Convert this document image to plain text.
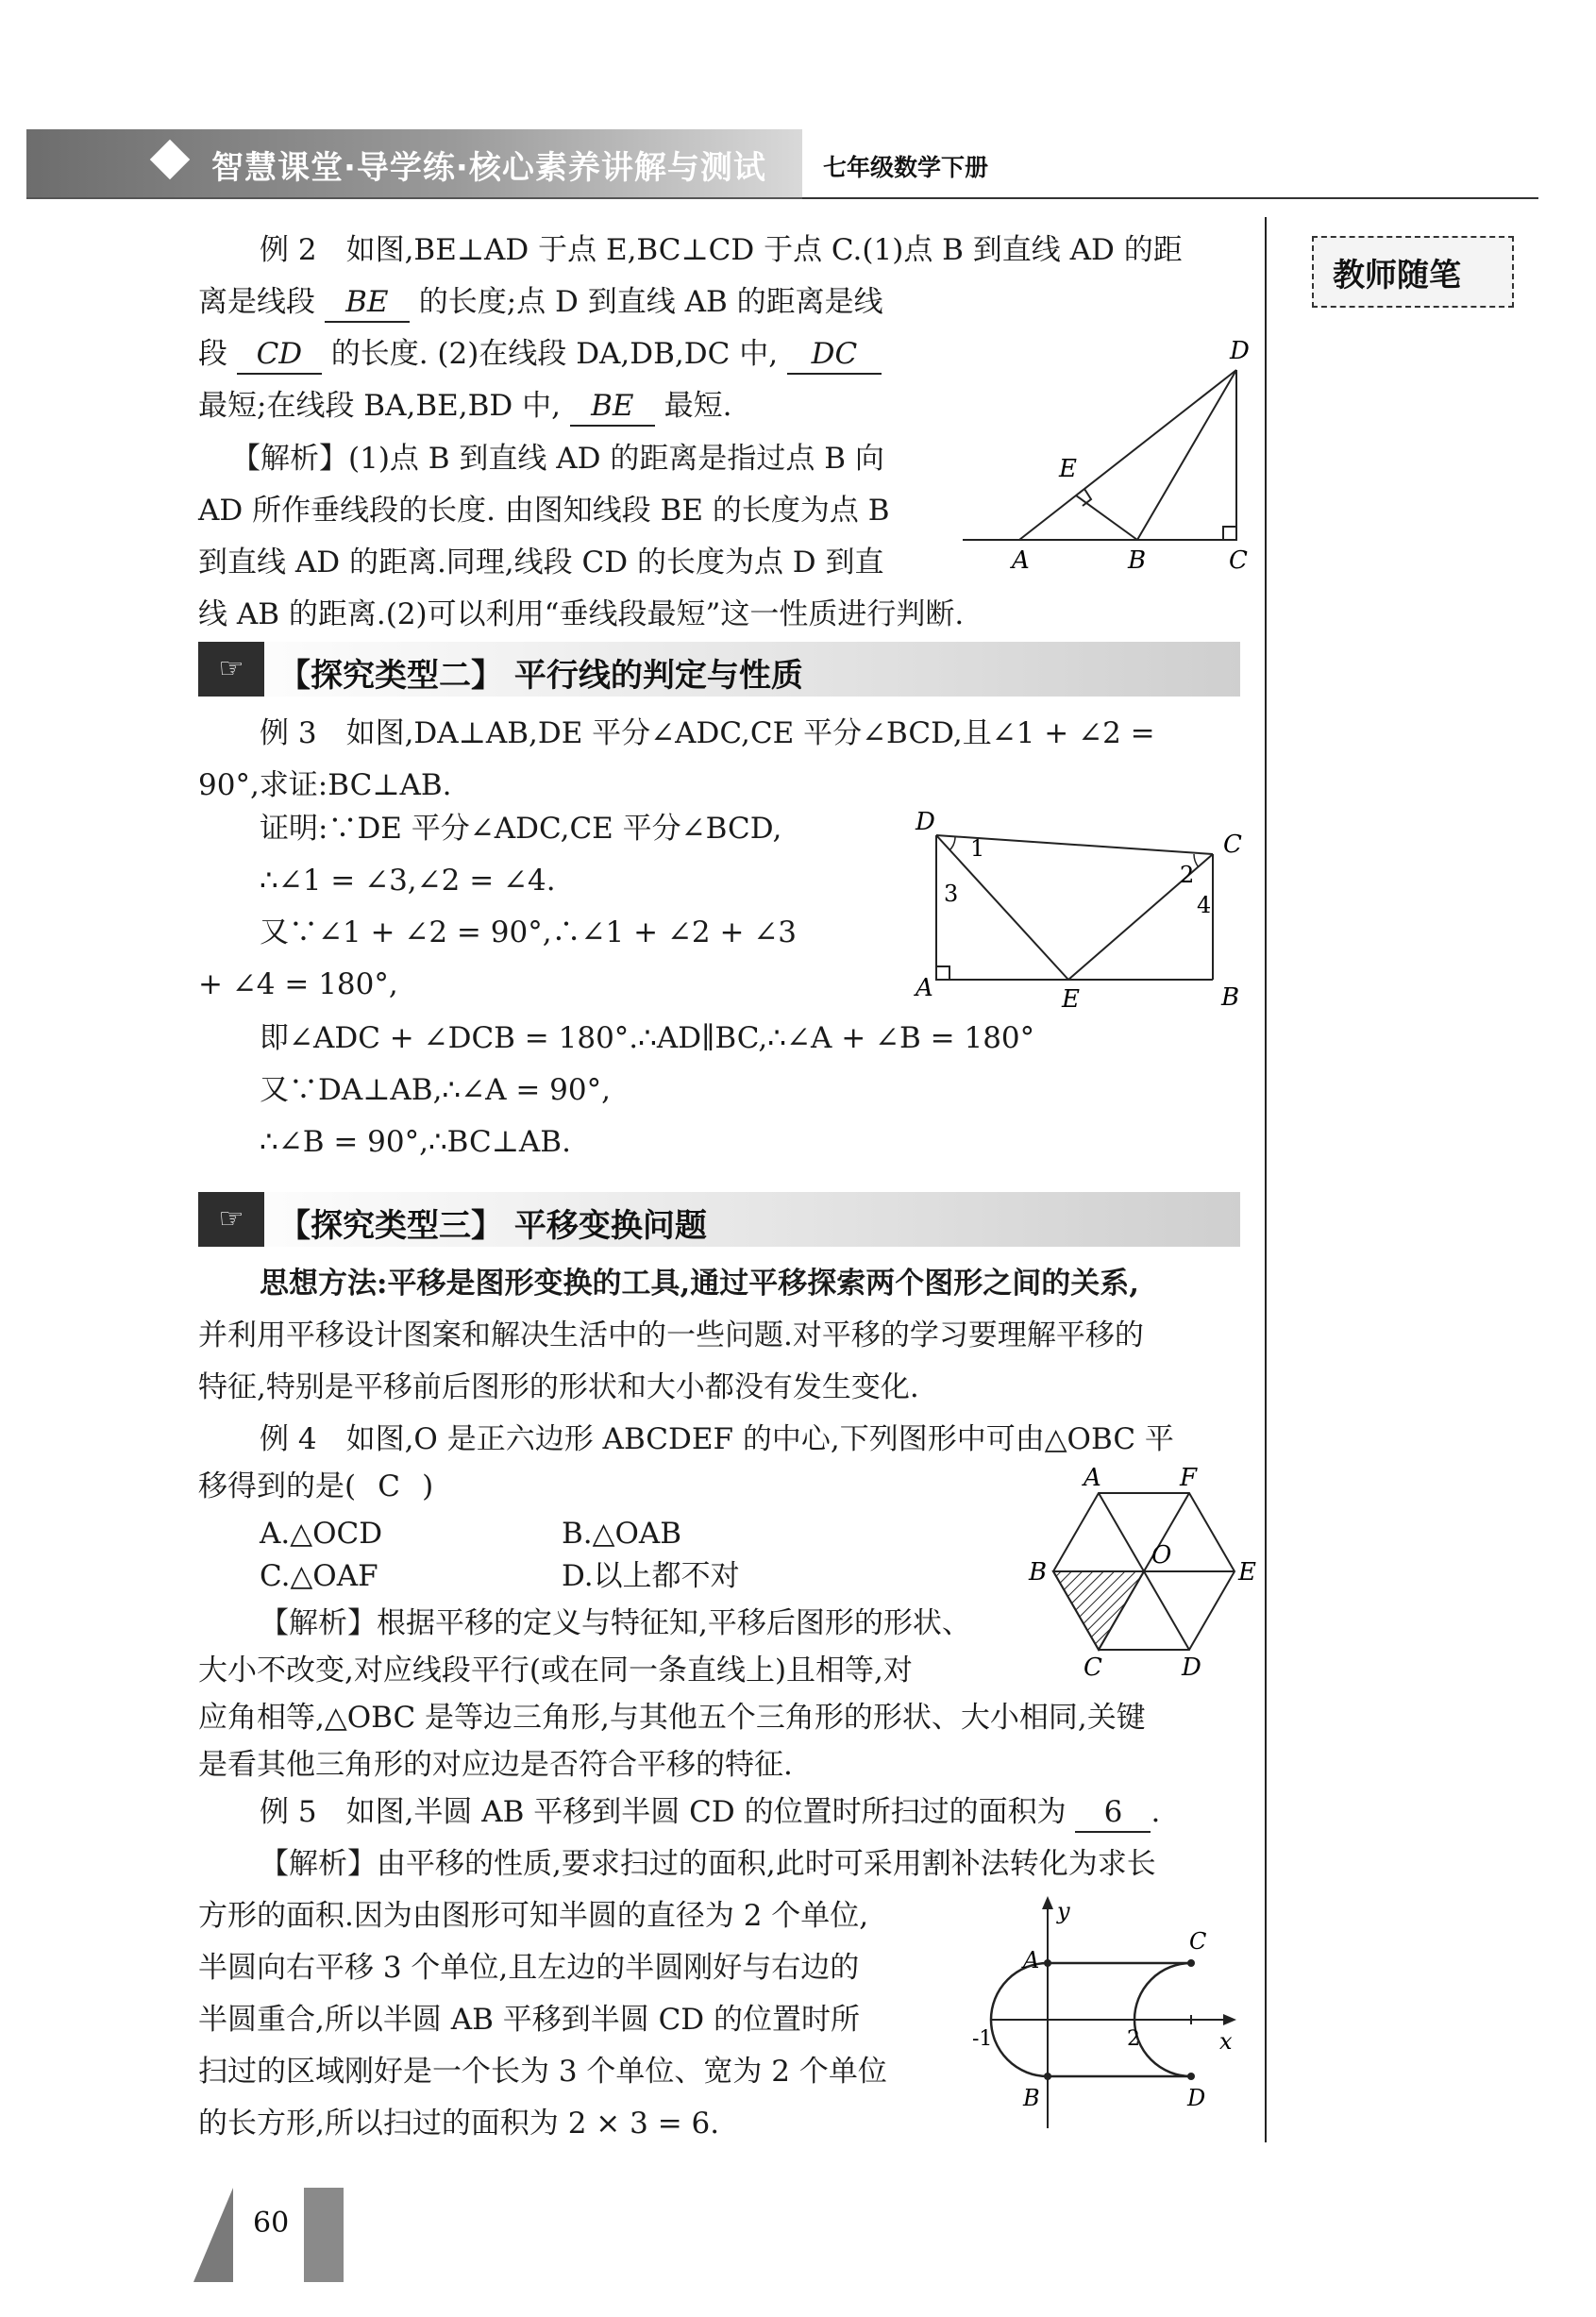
智慧课堂·导学练·核心素养讲解与测试 七年级数学下册
教师随笔
例 2　如图,BE⊥AD 于点 E,BC⊥CD 于点 C.(1)点 B 到直线 AD 的距
离是线段 BE 的长度;点 D 到直线 AB 的距离是线
段 CD 的长度. (2)在线段 DA,DB,DC 中, DC
最短;在线段 BA,BE,BD 中, BE 最短.
【解析】(1)点 B 到直线 AD 的距离是指过点 B 向
AD 所作垂线段的长度. 由图知线段 BE 的长度为点 B
到直线 AD 的距离.同理,线段 CD 的长度为点 D 到直
线 AB 的距离.(2)可以利用“垂线段最短”这一性质进行判断.
D
E
A	B	C
☞	【探究类型二】 平行线的判定与性质
例 3　如图,DA⊥AB,DE 平分∠ADC,CE 平分∠BCD,且∠1 + ∠2 =
90°,求证:BC⊥AB.
证明:∵DE 平分∠ADC,CE 平分∠BCD,
∴∠1 = ∠3,∠2 = ∠4.
又∵∠1 + ∠2 = 90°,∴∠1 + ∠2 + ∠3
+ ∠4 = 180°,
即∠ADC + ∠DCB = 180°.∴AD∥BC,∴∠A + ∠B = 180°
又∵DA⊥AB,∴∠A = 90°,
∴∠B = 90°,∴BC⊥AB.
D
C
A	B
E
1
2
3	4
☞	【探究类型三】 平移变换问题
思想方法:平移是图形变换的工具,通过平移探索两个图形之间的关系,
并利用平移设计图案和解决生活中的一些问题.对平移的学习要理解平移的
特征,特别是平移前后图形的形状和大小都没有发生变化.
例 4　如图,O 是正六边形 ABCDEF 的中心,下列图形中可由△OBC 平
移得到的是( C )
A.△OCD	B.△OAB
C.△OAF	D.以上都不对
【解析】根据平移的定义与特征知,平移后图形的形状、
大小不改变,对应线段平行(或在同一条直线上)且相等,对
应角相等,△OBC 是等边三角形,与其他五个三角形的形状、大小相同,关键
是看其他三角形的对应边是否符合平移的特征.
A	F
B
O
E
C	D
例 5　如图,半圆 AB 平移到半圆 CD 的位置时所扫过的面积为 6 .
【解析】由平移的性质,要求扫过的面积,此时可采用割补法转化为求长
方形的面积.因为由图形可知半圆的直径为 2 个单位,
半圆向右平移 3 个单位,且左边的半圆刚好与右边的
半圆重合,所以半圆 AB 平移到半圆 CD 的位置时所
扫过的区域刚好是一个长为 3 个单位、宽为 2 个单位
的长方形,所以扫过的面积为 2 × 3 = 6.
y
x
A
C
B	D
-1	2
60
